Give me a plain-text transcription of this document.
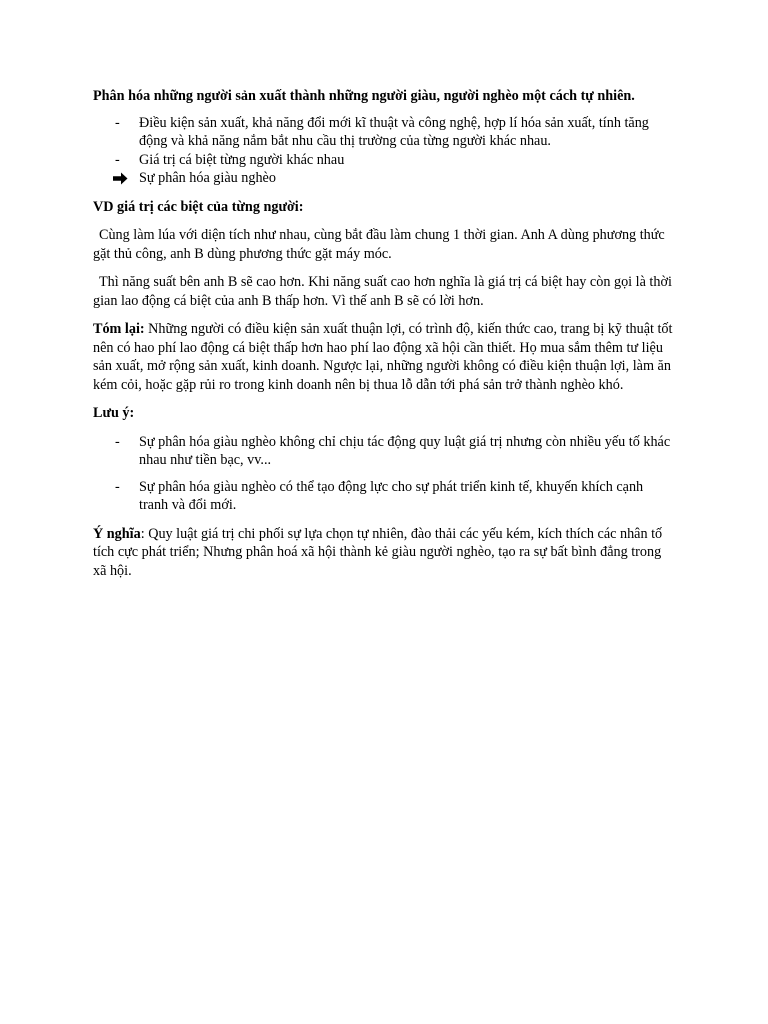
Phân hóa những người sản xuất thành những người giàu, người nghèo một cách tự nhiên.

- Điều kiện sản xuất, khả năng đổi mới kĩ thuật và công nghệ, hợp lí hóa sản xuất, tính tăng động và khả năng nắm bắt nhu cầu thị trường của từng người khác nhau.
- Giá trị cá biệt từng người khác nhau
Sự phân hóa giàu nghèo

VD giá trị các biệt của từng người:

Cùng làm lúa với diện tích như nhau, cùng bắt đầu làm chung 1 thời gian. Anh A dùng phương thức gặt thủ công, anh B dùng phương thức gặt máy móc.

Thì năng suất bên anh B sẽ cao hơn. Khi năng suất cao hơn nghĩa là giá trị cá biệt hay còn gọi là thời gian lao động cá biệt của anh B thấp hơn. Vì thế anh B sẽ có lời hơn.

Tóm lại: Những người có điều kiện sản xuất thuận lợi, có trình độ, kiến thức cao, trang bị kỹ thuật tốt nên có hao phí lao động cá biệt thấp hơn hao phí lao động xã hội cần thiết. Họ mua sắm thêm tư liệu sản xuất, mở rộng sản xuất, kinh doanh. Ngược lại, những người không có điều kiện thuận lợi, làm ăn kém cỏi, hoặc gặp rủi ro trong kinh doanh nên bị thua lỗ dẫn tới phá sản trở thành nghèo khó.

Lưu ý:

- Sự phân hóa giàu nghèo không chỉ chịu tác động quy luật giá trị nhưng còn nhiều yếu tố khác nhau như tiền bạc, vv...
- Sự phân hóa giàu nghèo có thể tạo động lực cho sự phát triển kinh tế, khuyến khích cạnh tranh và đổi mới.

Ý nghĩa: Quy luật giá trị chi phối sự lựa chọn tự nhiên, đào thải các yếu kém, kích thích các nhân tố tích cực phát triển; Nhưng phân hoá xã hội thành kẻ giàu người nghèo, tạo ra sự bất bình đẳng trong xã hội.
